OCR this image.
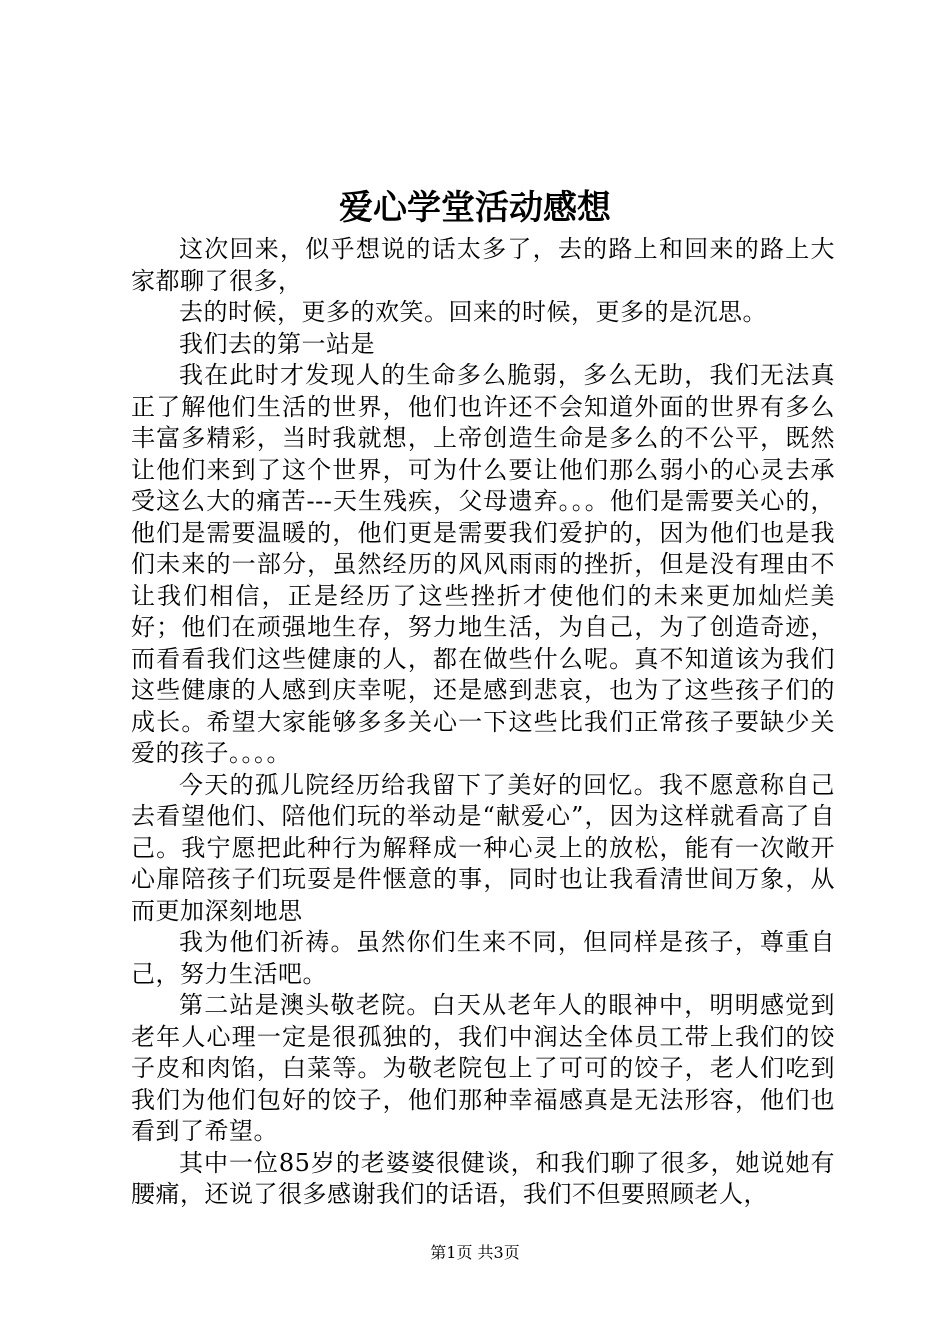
爱心学堂活动感想

这次回来，似乎想说的话太多了，去的路上和回来的路上大家都聊了很多，

去的时候，更多的欢笑。回来的时候，更多的是沉思。

我们去的第一站是

我在此时才发现人的生命多么脆弱，多么无助，我们无法真正了解他们生活的世界，他们也许还不会知道外面的世界有多么丰富多精彩，当时我就想，上帝创造生命是多么的不公平，既然让他们来到了这个世界，可为什么要让他们那么弱小的心灵去承受这么大的痛苦---天生残疾，父母遗弃。。。他们是需要关心的，他们是需要温暖的，他们更是需要我们爱护的，因为他们也是我们未来的一部分，虽然经历的风风雨雨的挫折，但是没有理由不让我们相信，正是经历了这些挫折才使他们的未来更加灿烂美好；他们在顽强地生存，努力地生活，为自己，为了创造奇迹，而看看我们这些健康的人，都在做些什么呢。真不知道该为我们这些健康的人感到庆幸呢，还是感到悲哀，也为了这些孩子们的成长。希望大家能够多多关心一下这些比我们正常孩子要缺少关爱的孩子。。。。

今天的孤儿院经历给我留下了美好的回忆。我不愿意称自己去看望他们、陪他们玩的举动是“献爱心”，因为这样就看高了自己。我宁愿把此种行为解释成一种心灵上的放松，能有一次敞开心扉陪孩子们玩耍是件惬意的事，同时也让我看清世间万象，从而更加深刻地思

我为他们祈祷。虽然你们生来不同，但同样是孩子，尊重自己，努力生活吧。

第二站是澳头敬老院。白天从老年人的眼神中，明明感觉到老年人心理一定是很孤独的，我们中润达全体员工带上我们的饺子皮和肉馅，白菜等。为敬老院包上了可可的饺子，老人们吃到我们为他们包好的饺子，他们那种幸福感真是无法形容，他们也看到了希望。

其中一位85岁的老婆婆很健谈，和我们聊了很多，她说她有腰痛，还说了很多感谢我们的话语，我们不但要照顾老人，

第1页 共3页
